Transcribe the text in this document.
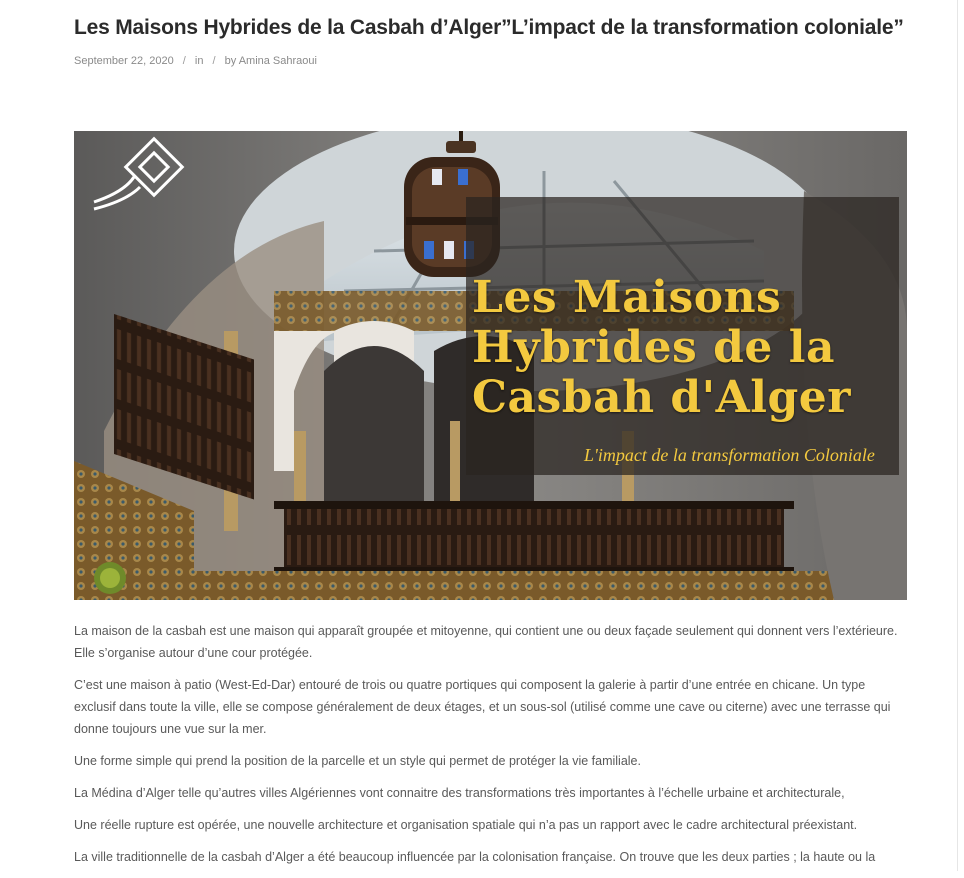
Les Maisons Hybrides de la Casbah d’Alger”L’impact de la transformation coloniale”
September 22, 2020 / in / by Amina Sahraoui
Les Maisons
Hybrides de la
Casbah d'Alger
L'impact de la transformation Coloniale

La maison de la casbah est une maison qui apparaît groupée et mitoyenne, qui contient une ou deux façade seulement qui donnent vers l’extérieure. Elle s’organise autour d’une cour protégée.

C’est une maison à patio (West-Ed-Dar) entouré de trois ou quatre portiques qui composent la galerie à partir d’une entrée en chicane. Un type exclusif dans toute la ville, elle se compose généralement de deux étages, et un sous-sol (utilisé comme une cave ou citerne) avec une terrasse qui donne toujours une vue sur la mer.

Une forme simple qui prend la position de la parcelle et un style qui permet de protéger la vie familiale.

La Médina d’Alger telle qu’autres villes Algériennes vont connaitre des transformations très importantes à l’échelle urbaine et architecturale,

Une réelle rupture est opérée, une nouvelle architecture et organisation spatiale qui n’a pas un rapport avec le cadre architectural préexistant.

La ville traditionnelle de la casbah d’Alger a été beaucoup influencée par la colonisation française. On trouve que les deux parties ; la haute ou la
